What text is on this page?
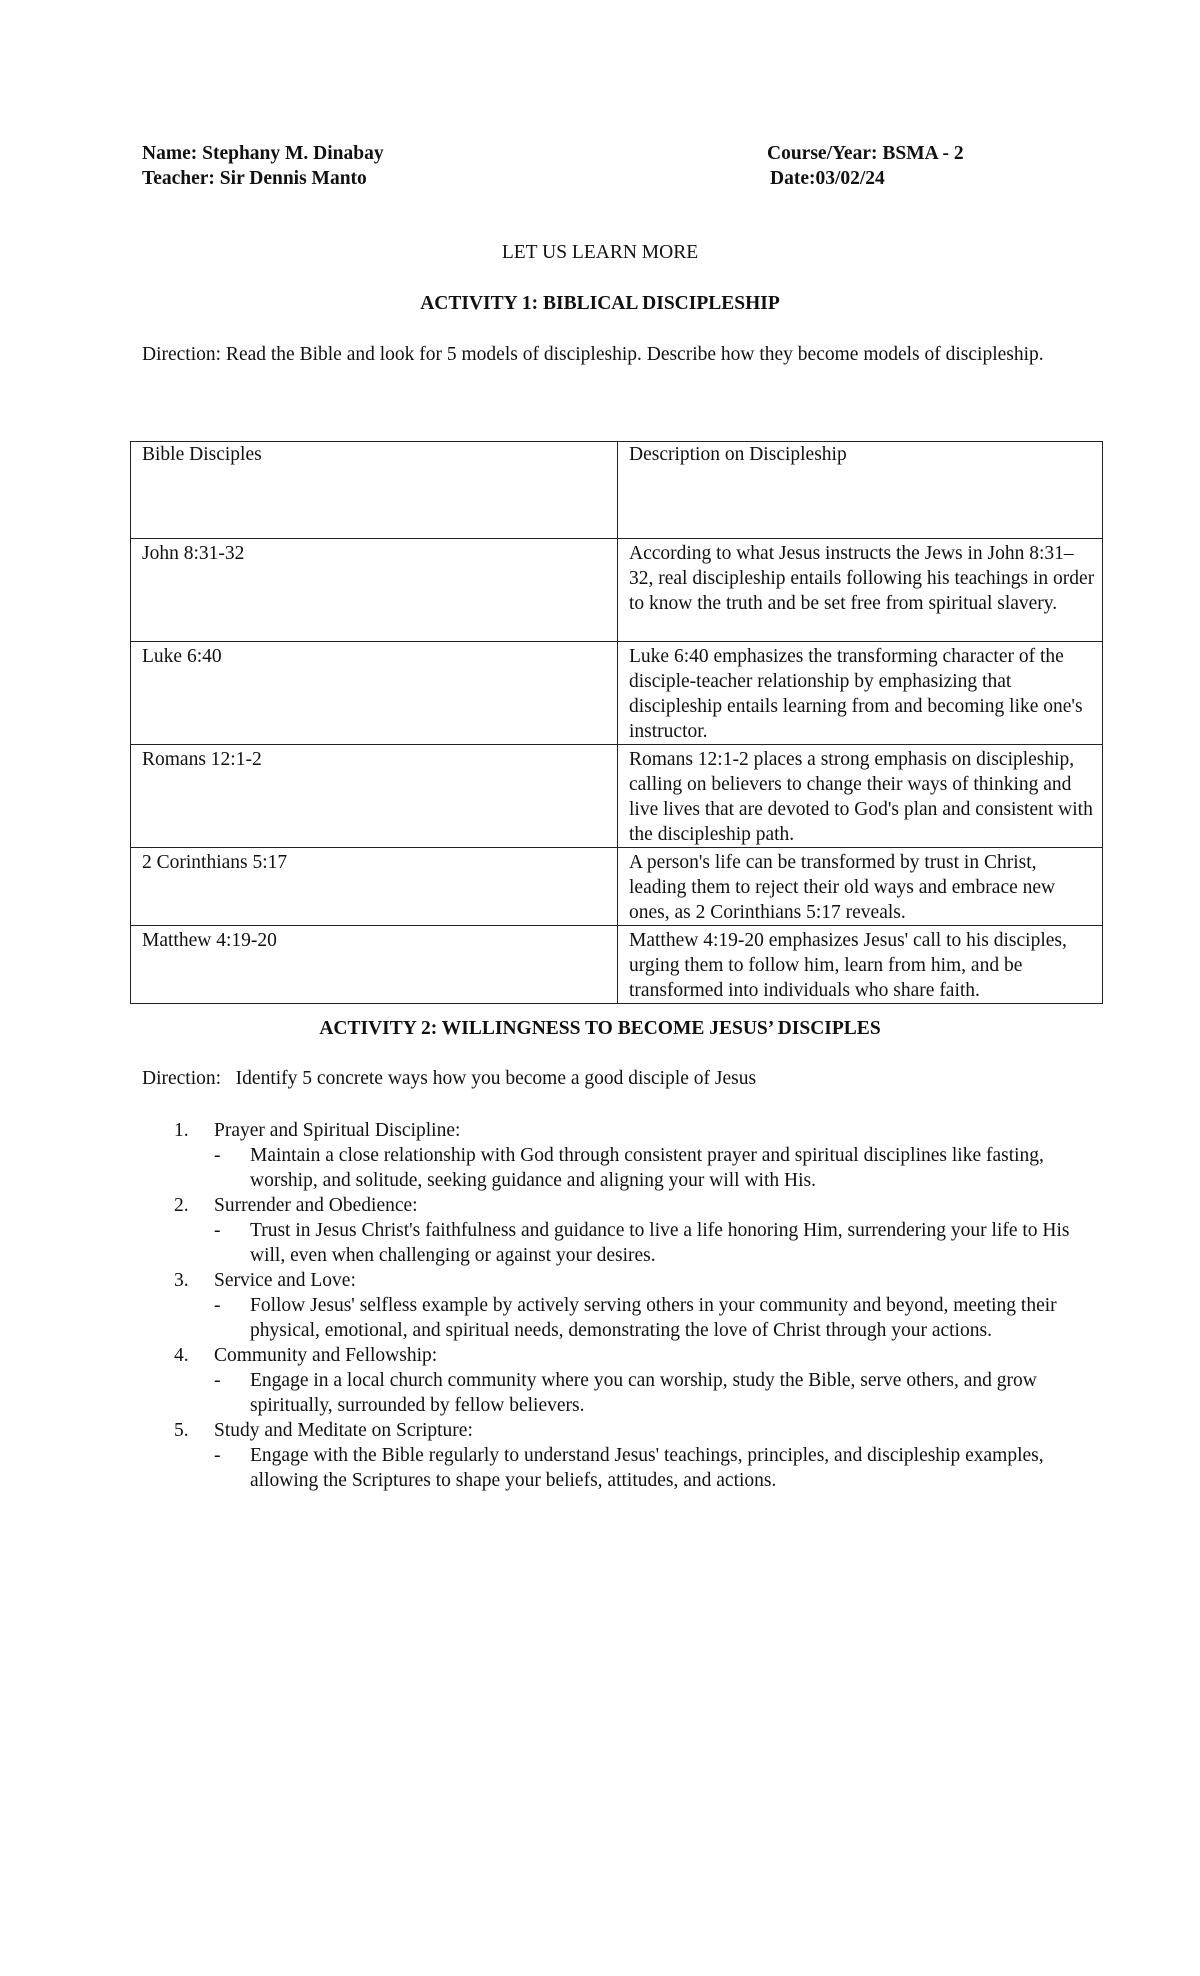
Name: Stephany M. Dinabay
Teacher: Sir Dennis Manto
Course/Year: BSMA - 2
Date:03/02/24
LET US LEARN MORE
ACTIVITY 1: BIBLICAL DISCIPLESHIP
Direction: Read the Bible and look for 5 models of discipleship. Describe how they become models of discipleship.
Bible Disciples	Description on Discipleship

John 8:31-32	According to what Jesus instructs the Jews in John 8:31–32, real discipleship entails following his teachings in order to know the truth and be set free from spiritual slavery.
Luke 6:40	Luke 6:40 emphasizes the transforming character of the disciple-teacher relationship by emphasizing that discipleship entails learning from and becoming like one's instructor.
Romans 12:1-2	Romans 12:1-2 places a strong emphasis on discipleship, calling on believers to change their ways of thinking and live lives that are devoted to God's plan and consistent with the discipleship path.
2 Corinthians 5:17	A person's life can be transformed by trust in Christ, leading them to reject their old ways and embrace new ones, as 2 Corinthians 5:17 reveals.
Matthew 4:19-20	Matthew 4:19-20 emphasizes Jesus' call to his disciples, urging them to follow him, learn from him, and be transformed into individuals who share faith.
ACTIVITY 2: WILLINGNESS TO BECOME JESUS’ DISCIPLES
Direction:   Identify 5 concrete ways how you become a good disciple of Jesus
1. Prayer and Spiritual Discipline:
- Maintain a close relationship with God through consistent prayer and spiritual disciplines like fasting, worship, and solitude, seeking guidance and aligning your will with His.
2. Surrender and Obedience:
- Trust in Jesus Christ's faithfulness and guidance to live a life honoring Him, surrendering your life to His will, even when challenging or against your desires.
3. Service and Love:
- Follow Jesus' selfless example by actively serving others in your community and beyond, meeting their physical, emotional, and spiritual needs, demonstrating the love of Christ through your actions.
4. Community and Fellowship:
- Engage in a local church community where you can worship, study the Bible, serve others, and grow spiritually, surrounded by fellow believers.
5. Study and Meditate on Scripture:
- Engage with the Bible regularly to understand Jesus' teachings, principles, and discipleship examples, allowing the Scriptures to shape your beliefs, attitudes, and actions.
